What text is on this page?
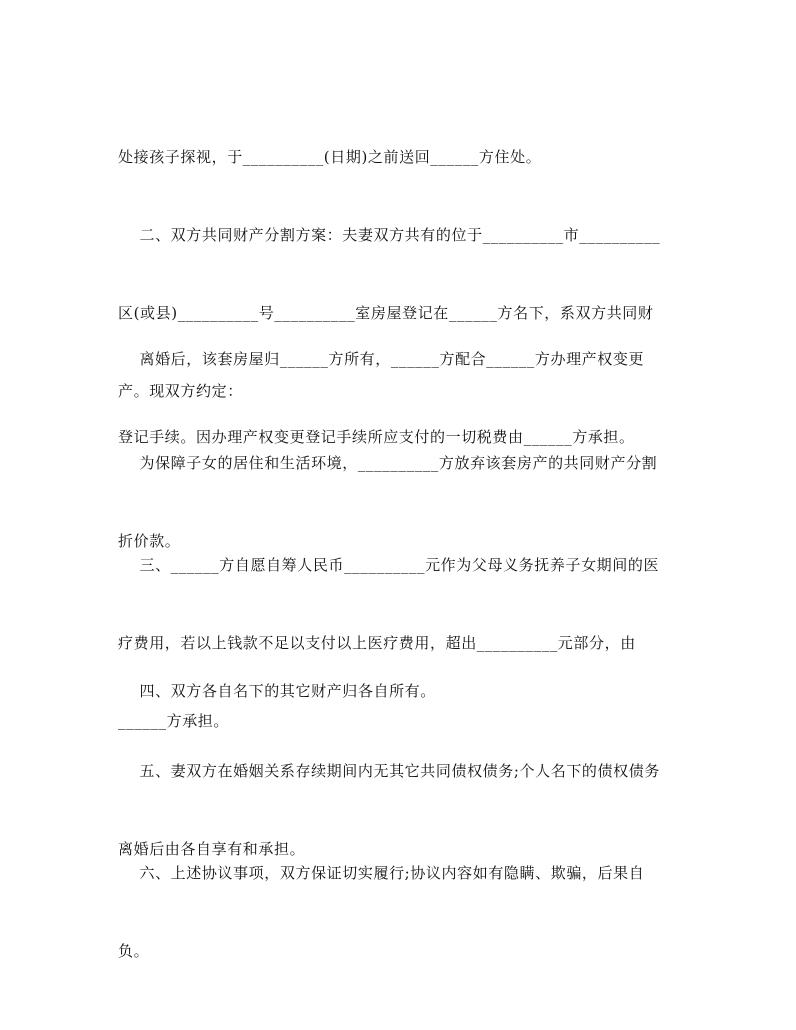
处接孩子探视，于__________(日期)之前送回______方住处。

二、双方共同财产分割方案：夫妻双方共有的位于__________市__________

区(或县)__________号__________室房屋登记在______方名下，系双方共同财

产。现双方约定：

离婚后，该套房屋归______方所有，______方配合______方办理产权变更

登记手续。因办理产权变更登记手续所应支付的一切税费由______方承担。

为保障子女的居住和生活环境，__________方放弃该套房产的共同财产分割

折价款。

三、______方自愿自筹人民币__________元作为父母义务抚养子女期间的医

疗费用，若以上钱款不足以支付以上医疗费用，超出__________元部分，由

______方承担。

四、双方各自名下的其它财产归各自所有。

五、妻双方在婚姻关系存续期间内无其它共同债权债务;个人名下的债权债务

离婚后由各自享有和承担。

六、上述协议事项，双方保证切实履行;协议内容如有隐瞒、欺骗，后果自

负。
